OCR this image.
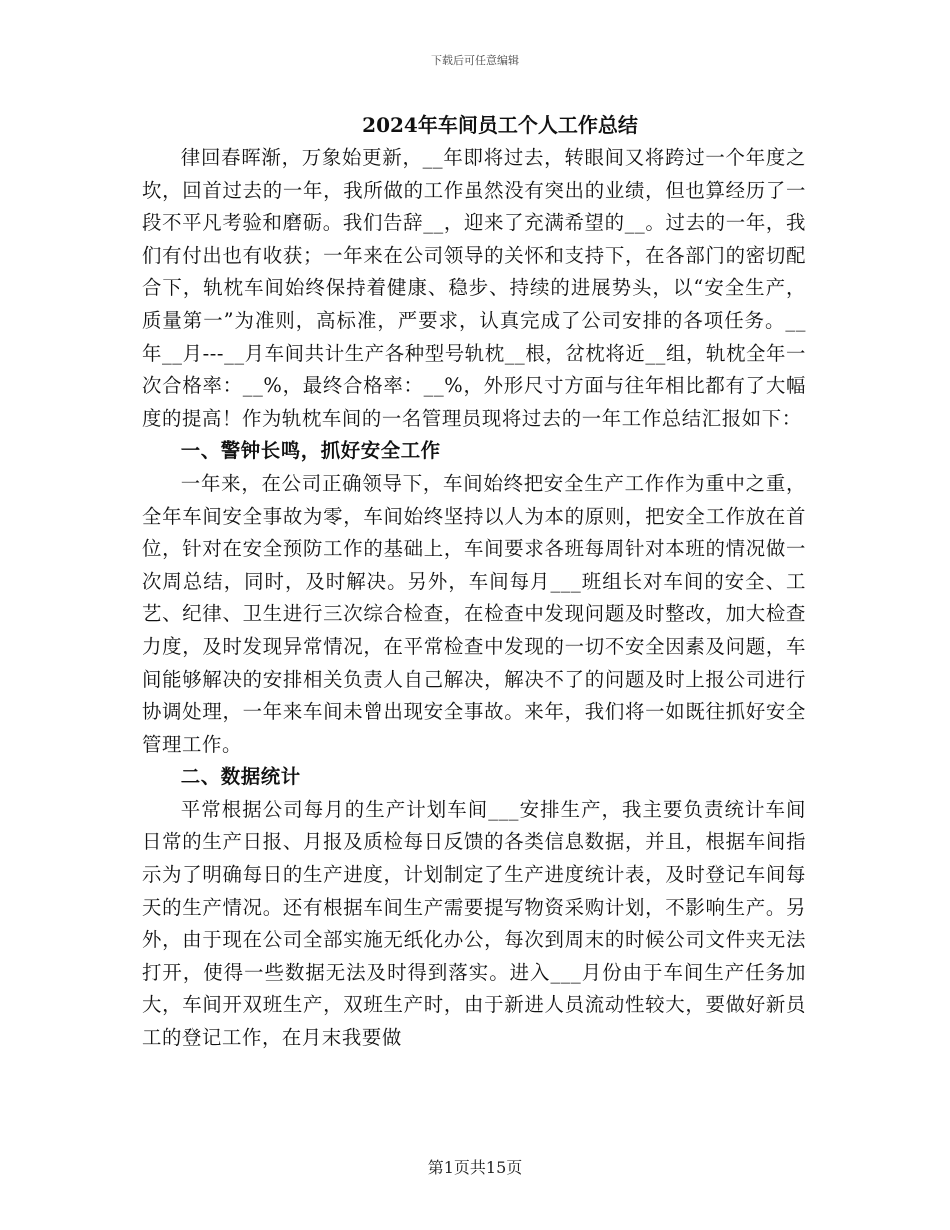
下载后可任意编辑
2024年车间员工个人工作总结

律回春晖渐，万象始更新，__年即将过去，转眼间又将跨过一个年度之坎，回首过去的一年，我所做的工作虽然没有突出的业绩，但也算经历了一段不平凡考验和磨砺。我们告辞__，迎来了充满希望的__。过去的一年，我们有付出也有收获；一年来在公司领导的关怀和支持下，在各部门的密切配合下，轨枕车间始终保持着健康、稳步、持续的进展势头，以“安全生产，质量第一”为准则，高标准，严要求，认真完成了公司安排的各项任务。__年__月---__月车间共计生产各种型号轨枕__根，岔枕将近__组，轨枕全年一次合格率：__%，最终合格率：__%，外形尺寸方面与往年相比都有了大幅度的提高！作为轨枕车间的一名管理员现将过去的一年工作总结汇报如下：

一、警钟长鸣，抓好安全工作

一年来，在公司正确领导下，车间始终把安全生产工作作为重中之重，全年车间安全事故为零，车间始终坚持以人为本的原则，把安全工作放在首位，针对在安全预防工作的基础上，车间要求各班每周针对本班的情况做一次周总结，同时，及时解决。另外，车间每月___班组长对车间的安全、工艺、纪律、卫生进行三次综合检查，在检查中发现问题及时整改，加大检查力度，及时发现异常情况，在平常检查中发现的一切不安全因素及问题，车间能够解决的安排相关负责人自己解决，解决不了的问题及时上报公司进行协调处理，一年来车间未曾出现安全事故。来年，我们将一如既往抓好安全管理工作。

二、数据统计

平常根据公司每月的生产计划车间___安排生产，我主要负责统计车间日常的生产日报、月报及质检每日反馈的各类信息数据，并且，根据车间指示为了明确每日的生产进度，计划制定了生产进度统计表，及时登记车间每天的生产情况。还有根据车间生产需要提写物资采购计划，不影响生产。另外，由于现在公司全部实施无纸化办公，每次到周末的时候公司文件夹无法打开，使得一些数据无法及时得到落实。进入___月份由于车间生产任务加大，车间开双班生产，双班生产时，由于新进人员流动性较大，要做好新员工的登记工作，在月末我要做

第1页共15页
